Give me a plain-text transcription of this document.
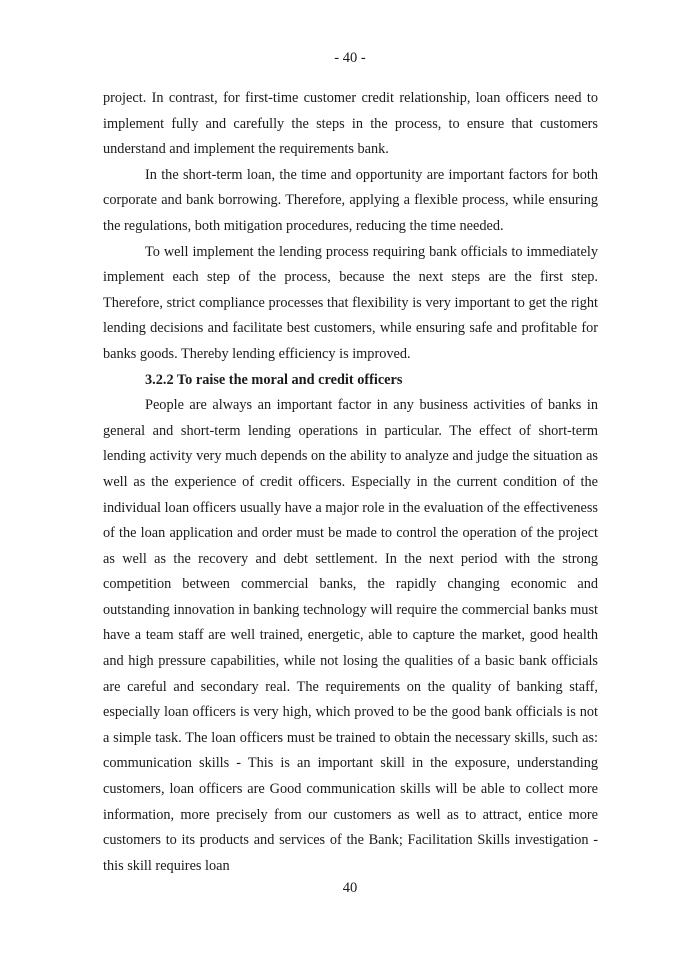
- 40 -

project. In contrast, for first-time customer credit relationship, loan officers need to implement fully and carefully the steps in the process, to ensure that customers understand and implement the requirements bank.

In the short-term loan, the time and opportunity are important factors for both corporate and bank borrowing. Therefore, applying a flexible process, while ensuring the regulations, both mitigation procedures, reducing the time needed.

To well implement the lending process requiring bank officials to immediately implement each step of the process, because the next steps are the first step. Therefore, strict compliance processes that flexibility is very important to get the right lending decisions and facilitate best customers, while ensuring safe and profitable for banks goods. Thereby lending efficiency is improved.

3.2.2 To raise the moral and credit officers

People are always an important factor in any business activities of banks in general and short-term lending operations in particular. The effect of short-term lending activity very much depends on the ability to analyze and judge the situation as well as the experience of credit officers. Especially in the current condition of the individual loan officers usually have a major role in the evaluation of the effectiveness of the loan application and order must be made to control the operation of the project as well as the recovery and debt settlement. In the next period with the strong competition between commercial banks, the rapidly changing economic and outstanding innovation in banking technology will require the commercial banks must have a team staff are well trained, energetic, able to capture the market, good health and high pressure capabilities, while not losing the qualities of a basic bank officials are careful and secondary real. The requirements on the quality of banking staff, especially loan officers is very high, which proved to be the good bank officials is not a simple task. The loan officers must be trained to obtain the necessary skills, such as: communication skills - This is an important skill in the exposure, understanding customers, loan officers are Good communication skills will be able to collect more information, more precisely from our customers as well as to attract, entice more customers to its products and services of the Bank; Facilitation Skills investigation - this skill requires loan

40
